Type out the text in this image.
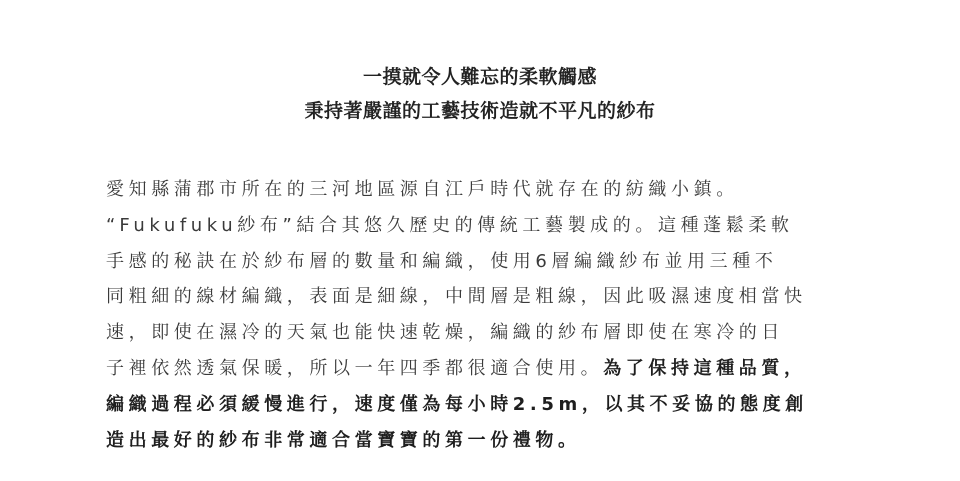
一摸就令人難忘的柔軟觸感
秉持著嚴謹的工藝技術造就不平凡的紗布
愛知縣蒲郡市所在的三河地區源自江戶時代就存在的紡織小鎮。
“Fukufuku紗布”結合其悠久歷史的傳統工藝製成的。這種蓬鬆柔軟
手感的秘訣在於紗布層的數量和編織，使用6層編織紗布並用三種不
同粗細的線材編織，表面是細線，中間層是粗線，因此吸濕速度相當快
速，即使在濕冷的天氣也能快速乾燥，編織的紗布層即使在寒冷的日
子裡依然透氣保暖，所以一年四季都很適合使用。為了保持這種品質，
編織過程必須緩慢進行，速度僅為每小時2.5m，以其不妥協的態度創
造出最好的紗布非常適合當寶寶的第一份禮物。
